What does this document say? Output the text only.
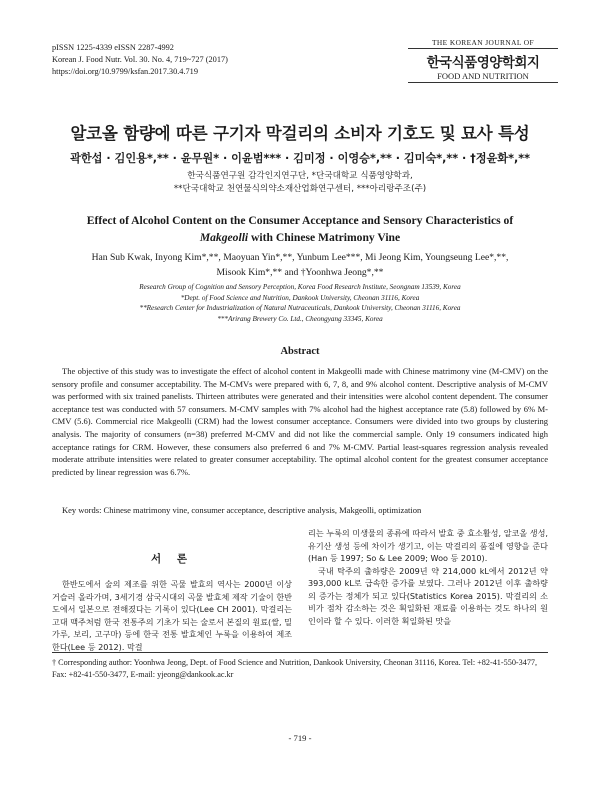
pISSN 1225-4339 eISSN 2287-4992
Korean J. Food Nutr. Vol. 30. No. 4, 719~727 (2017)
https://doi.org/10.9799/ksfan.2017.30.4.719
THE KOREAN JOURNAL OF
한국식품영양학회지
FOOD AND NUTRITION
알코올 함량에 따른 구기자 막걸리의 소비자 기호도 및 묘사 특성
곽한섭 · 김인용*,** · 윤무원* · 이윤범*** · 김미정 · 이영승*,** · 김미숙*,** · †정윤화*,**
한국식품연구원 감각인지연구단, *단국대학교 식품영양학과,
**단국대학교 천연물식의약소재산업화연구센터, ***아리랑주조(주)
Effect of Alcohol Content on the Consumer Acceptance and Sensory Characteristics of
Makgeolli with Chinese Matrimony Vine
Han Sub Kwak, Inyong Kim*,**, Maoyuan Yin*,**, Yunbum Lee***, Mi Jeong Kim, Youngseung Lee*,**,
Misook Kim*,** and †Yoonhwa Jeong*,**
Research Group of Cognition and Sensory Perception, Korea Food Research Institute, Seongnam 13539, Korea
*Dept. of Food Science and Nutrition, Dankook University, Cheonan 31116, Korea
**Research Center for Industrialization of Natural Nutraceuticals, Dankook University, Cheonan 31116, Korea
***Arirang Brewery Co. Ltd., Cheongyang 33345, Korea
Abstract
The objective of this study was to investigate the effect of alcohol content in Makgeolli made with Chinese matrimony vine (M-CMV) on the sensory profile and consumer acceptability. The M-CMVs were prepared with 6, 7, 8, and 9% alcohol content. Descriptive analysis of M-CMV was performed with six trained panelists. Thirteen attributes were generated and their intensities were alcohol content dependent. The consumer acceptance test was conducted with 57 consumers. M-CMV samples with 7% alcohol had the highest acceptance rate (5.8) followed by 6% M-CMV (5.6). Commercial rice Makgeolli (CRM) had the lowest consumer acceptance. Consumers were divided into two groups by clustering analysis. The majority of consumers (n=38) preferred M-CMV and did not like the commercial sample. Only 19 consumers indicated high acceptance ratings for CRM. However, these consumers also preferred 6 and 7% M-CMV. Partial least-squares regression analysis revealed moderate attribute intensities were related to greater consumer acceptability. The optimal alcohol content for the greatest consumer acceptance predicted by linear regression was 6.7%.
Key words: Chinese matrimony vine, consumer acceptance, descriptive analysis, Makgeolli, optimization
서 론

한반도에서 술의 제조를 위한 곡물 발효의 역사는 2000년 이상 거슬러 올라가며, 3세기경 삼국시대의 곡물 발효체 제작 기술이 한반도에서 일본으로 전해졌다는 기록이 있다(Lee CH 2001). 막걸리는 고대 맥주처럼 한국 전통주의 기초가 되는 술로서 본질의 원료(쌀, 밀가루, 보리, 고구마) 등에 한국 전통 발효체인 누룩을 이용하여 제조한다(Lee 등 2012). 막걸

리는 누룩의 미생물의 종류에 따라서 발효 중 효소활성, 알코올 생성, 유기산 생성 등에 차이가 생기고, 이는 막걸리의 품질에 영향을 준다(Han 등 1997; So & Lee 2009; Woo 등 2010).

국내 탁주의 출하량은 2009년 약 214,000 kL에서 2012년 약 393,000 kL로 급속한 증가를 보였다. 그러나 2012년 이후 출하량의 증가는 정체가 되고 있다(Statistics Korea 2015). 막걸리의 소비가 점차 감소하는 것은 획일화된 재료를 이용하는 것도 하나의 원인이라 할 수 있다. 이러한 획일화된 맛을

† Corresponding author: Yoonhwa Jeong, Dept. of Food Science and Nutrition, Dankook University, Cheonan 31116, Korea. Tel: +82-41-550-3477, Fax: +82-41-550-3477, E-mail: yjeong@dankook.ac.kr
- 719 -
